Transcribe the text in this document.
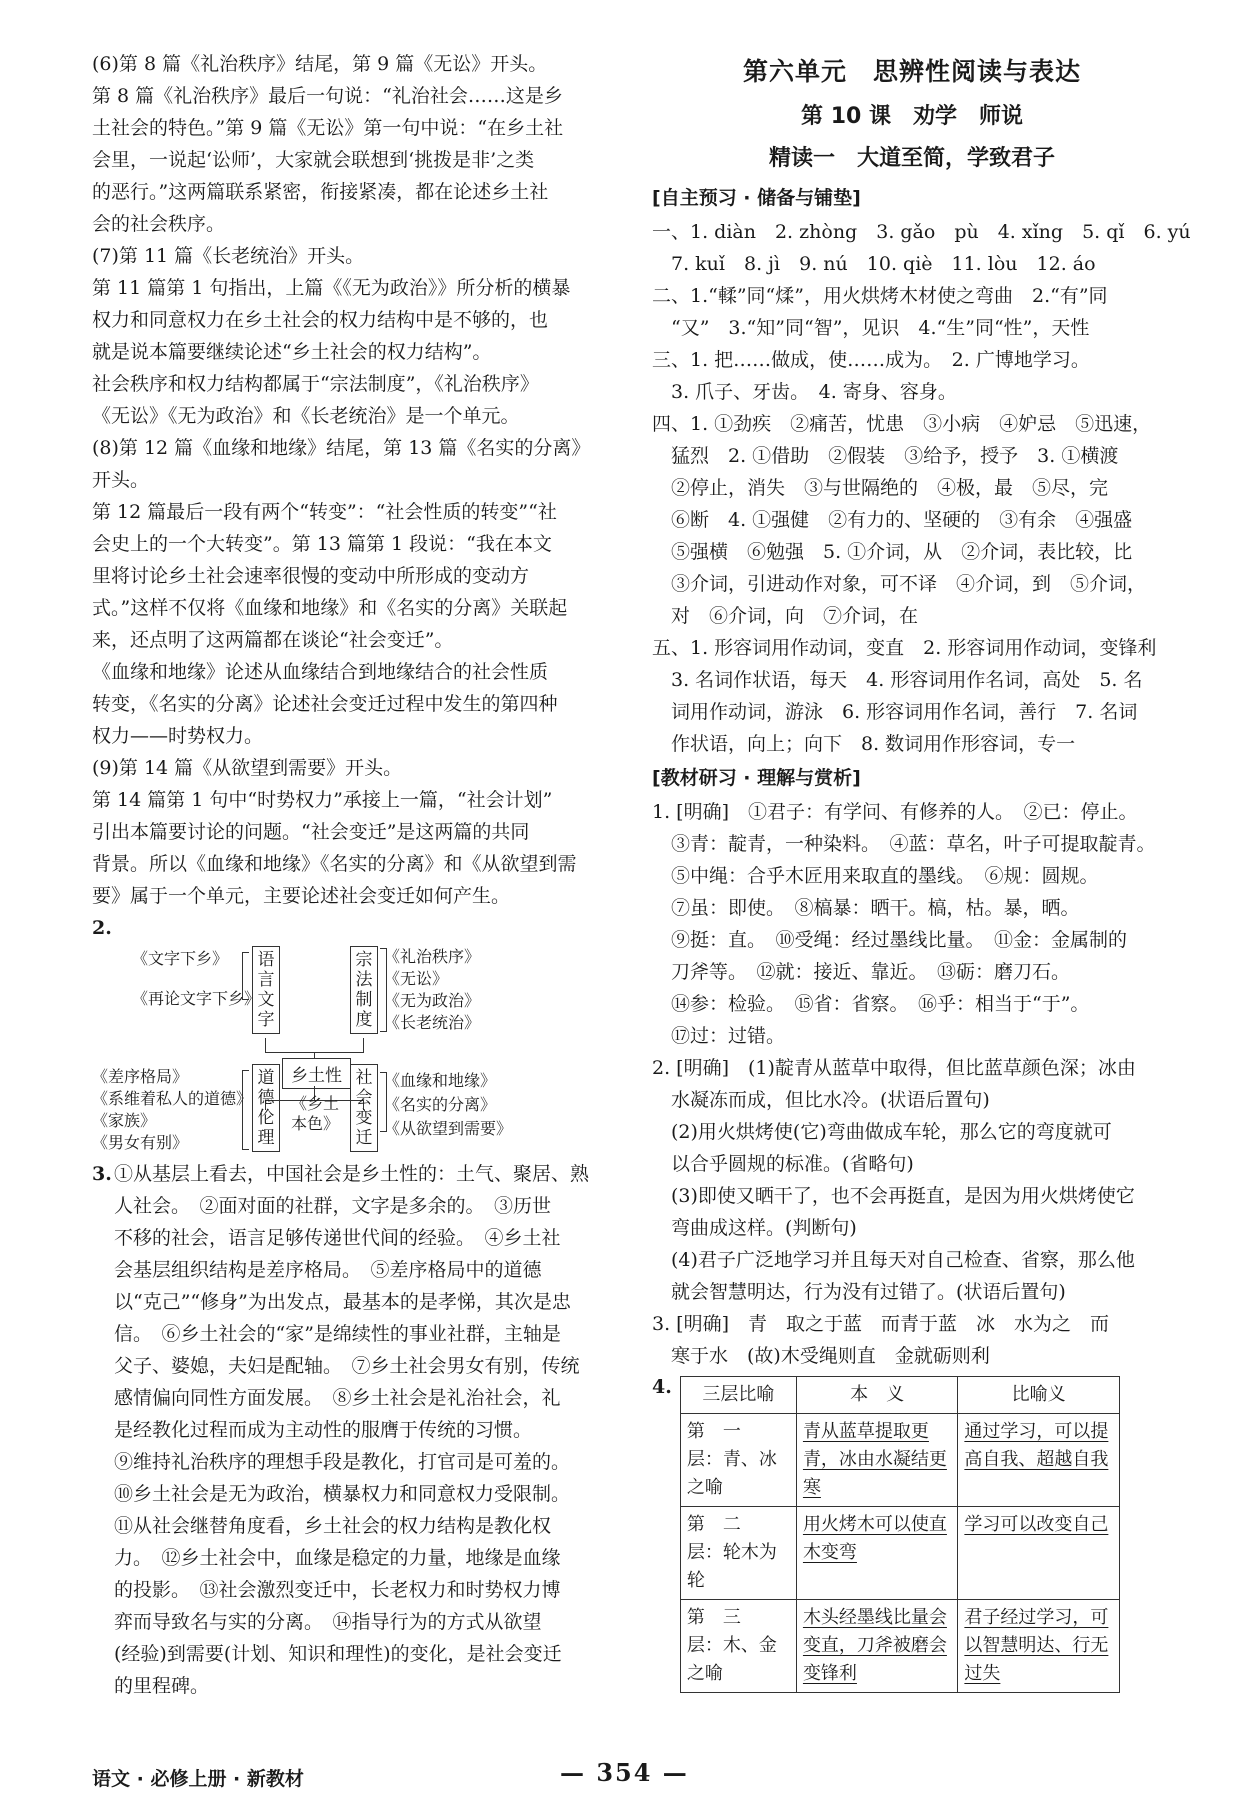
(6)第 8 篇《礼治秩序》结尾，第 9 篇《无讼》开头。
第 8 篇《礼治秩序》最后一句说：“礼治社会……这是乡
土社会的特色。”第 9 篇《无讼》第一句中说：“在乡土社
会里，一说起‘讼师’，大家就会联想到‘挑拨是非’之类
的恶行。”这两篇联系紧密，衔接紧凑，都在论述乡土社
会的社会秩序。
(7)第 11 篇《长老统治》开头。
第 11 篇第 1 句指出，上篇《《无为政治》》所分析的横暴
权力和同意权力在乡土社会的权力结构中是不够的，也
就是说本篇要继续论述“乡土社会的权力结构”。
社会秩序和权力结构都属于“宗法制度”，《礼治秩序》
《无讼》《无为政治》和《长老统治》是一个单元。
(8)第 12 篇《血缘和地缘》结尾，第 13 篇《名实的分离》
开头。
第 12 篇最后一段有两个“转变”：“社会性质的转变”“社
会史上的一个大转变”。第 13 篇第 1 段说：“我在本文
里将讨论乡土社会速率很慢的变动中所形成的变动方
式。”这样不仅将《血缘和地缘》和《名实的分离》关联起
来，还点明了这两篇都在谈论“社会变迁”。
《血缘和地缘》论述从血缘结合到地缘结合的社会性质
转变，《名实的分离》论述社会变迁过程中发生的第四种
权力——时势权力。
(9)第 14 篇《从欲望到需要》开头。
第 14 篇第 1 句中“时势权力”承接上一篇，“社会计划”
引出本篇要讨论的问题。“社会变迁”是这两篇的共同
背景。所以《血缘和地缘》《名实的分离》和《从欲望到需
要》属于一个单元，主要论述社会变迁如何产生。
2.
《文字下乡》
《再论文字下乡》
语言文字
宗法制度
《礼治秩序》
《无讼》
《无为政治》
《长老统治》
乡土性
《乡土本色》
《差序格局》
《系维着私人的道德》
《家族》
《男女有别》
道德伦理
社会变迁
《血缘和地缘》
《名实的分离》
《从欲望到需要》
3. ①从基层上看去，中国社会是乡土性的：土气、聚居、熟
人社会。　②面对面的社群，文字是多余的。　③历世
不移的社会，语言足够传递世代间的经验。　④乡土社
会基层组织结构是差序格局。　⑤差序格局中的道德
以“克己”“修身”为出发点，最基本的是孝悌，其次是忠
信。　⑥乡土社会的“家”是绵续性的事业社群，主轴是
父子、婆媳，夫妇是配轴。　⑦乡土社会男女有别，传统
感情偏向同性方面发展。　⑧乡土社会是礼治社会，礼
是经教化过程而成为主动性的服膺于传统的习惯。
⑨维持礼治秩序的理想手段是教化，打官司是可羞的。
⑩乡土社会是无为政治，横暴权力和同意权力受限制。
⑪从社会继替角度看，乡土社会的权力结构是教化权
力。　⑫乡土社会中，血缘是稳定的力量，地缘是血缘
的投影。　⑬社会激烈变迁中，长老权力和时势权力博
弈而导致名与实的分离。　⑭指导行为的方式从欲望
(经验)到需要(计划、知识和理性)的变化，是社会变迁
的里程碑。
第六单元　思辨性阅读与表达
第 10 课　劝学　师说
精读一　大道至简，学致君子
[ 自主预习 · 储备与铺垫 ]
一、1. diàn　2. zhòng　3. gǎo　pù　4. xǐng　5. qǐ　6. yú
　7. kuǐ　8. jì　9. nú　10. qiè　11. lòu　12. áo
二、1.“輮”同“煣”，用火烘烤木材使之弯曲　2.“有”同
　“又”　3.“知”同“智”，见识　4.“生”同“性”，天性
三、1. 把……做成，使……成为。　2. 广博地学习。
　3. 爪子、牙齿。　4. 寄身、容身。
四、1. ①劲疾　②痛苦，忧患　③小病　④妒忌　⑤迅速，
　猛烈　2. ①借助　②假装　③给予，授予　3. ①横渡
　②停止，消失　③与世隔绝的　④极，最　⑤尽，完
　⑥断　4. ①强健　②有力的、坚硬的　③有余　④强盛
　⑤强横　⑥勉强　5. ①介词，从　②介词，表比较，比
　③介词，引进动作对象，可不译　④介词，到　⑤介词，
　对　⑥介词，向　⑦介词，在
五、1. 形容词用作动词，变直　2. 形容词用作动词，变锋利
　3. 名词作状语，每天　4. 形容词用作名词，高处　5. 名
　词用作动词，游泳　6. 形容词用作名词，善行　7. 名词
　作状语，向上；向下　8. 数词用作形容词，专一
[ 教材研习 · 理解与赏析 ]
1. [明确]　①君子：有学问、有修养的人。　②已：停止。
　③青：靛青，一种染料。　④蓝：草名，叶子可提取靛青。
　⑤中绳：合乎木匠用来取直的墨线。　⑥规：圆规。
　⑦虽：即使。　⑧槁暴：晒干。槁，枯。暴，晒。
　⑨挺：直。　⑩受绳：经过墨线比量。　⑪金：金属制的
　刀斧等。　⑫就：接近、靠近。　⑬砺：磨刀石。
　⑭参：检验。　⑮省：省察。　⑯乎：相当于“于”。
　⑰过：过错。
2. [明确]　(1)靛青从蓝草中取得，但比蓝草颜色深；冰由
　水凝冻而成，但比水冷。(状语后置句)
　(2)用火烘烤使(它)弯曲做成车轮，那么它的弯度就可
　以合乎圆规的标准。(省略句)
　(3)即使又晒干了，也不会再挺直，是因为用火烘烤使它
　弯曲成这样。(判断句)
　(4)君子广泛地学习并且每天对自己检查、省察，那么他
　就会智慧明达，行为没有过错了。(状语后置句)
3. [明确]　青　取之于蓝　而青于蓝　冰　水为之　而
　寒于水　(故)木受绳则直　金就砺则利
4. 三层比喻	本　义	比喻义
第　一　层：青、冰之喻	青从蓝草提取更青，冰由水凝结更寒	通过学习，可以提高自我、超越自我
第　二　层：轮木为轮	用火烤木可以使直木变弯	学习可以改变自己
第　三　层：木、金之喻	木头经墨线比量会变直，刀斧被磨会变锋利	君子经过学习，可以智慧明达、行无过失
语文 · 必修上册 · 新教材	— 354 —
